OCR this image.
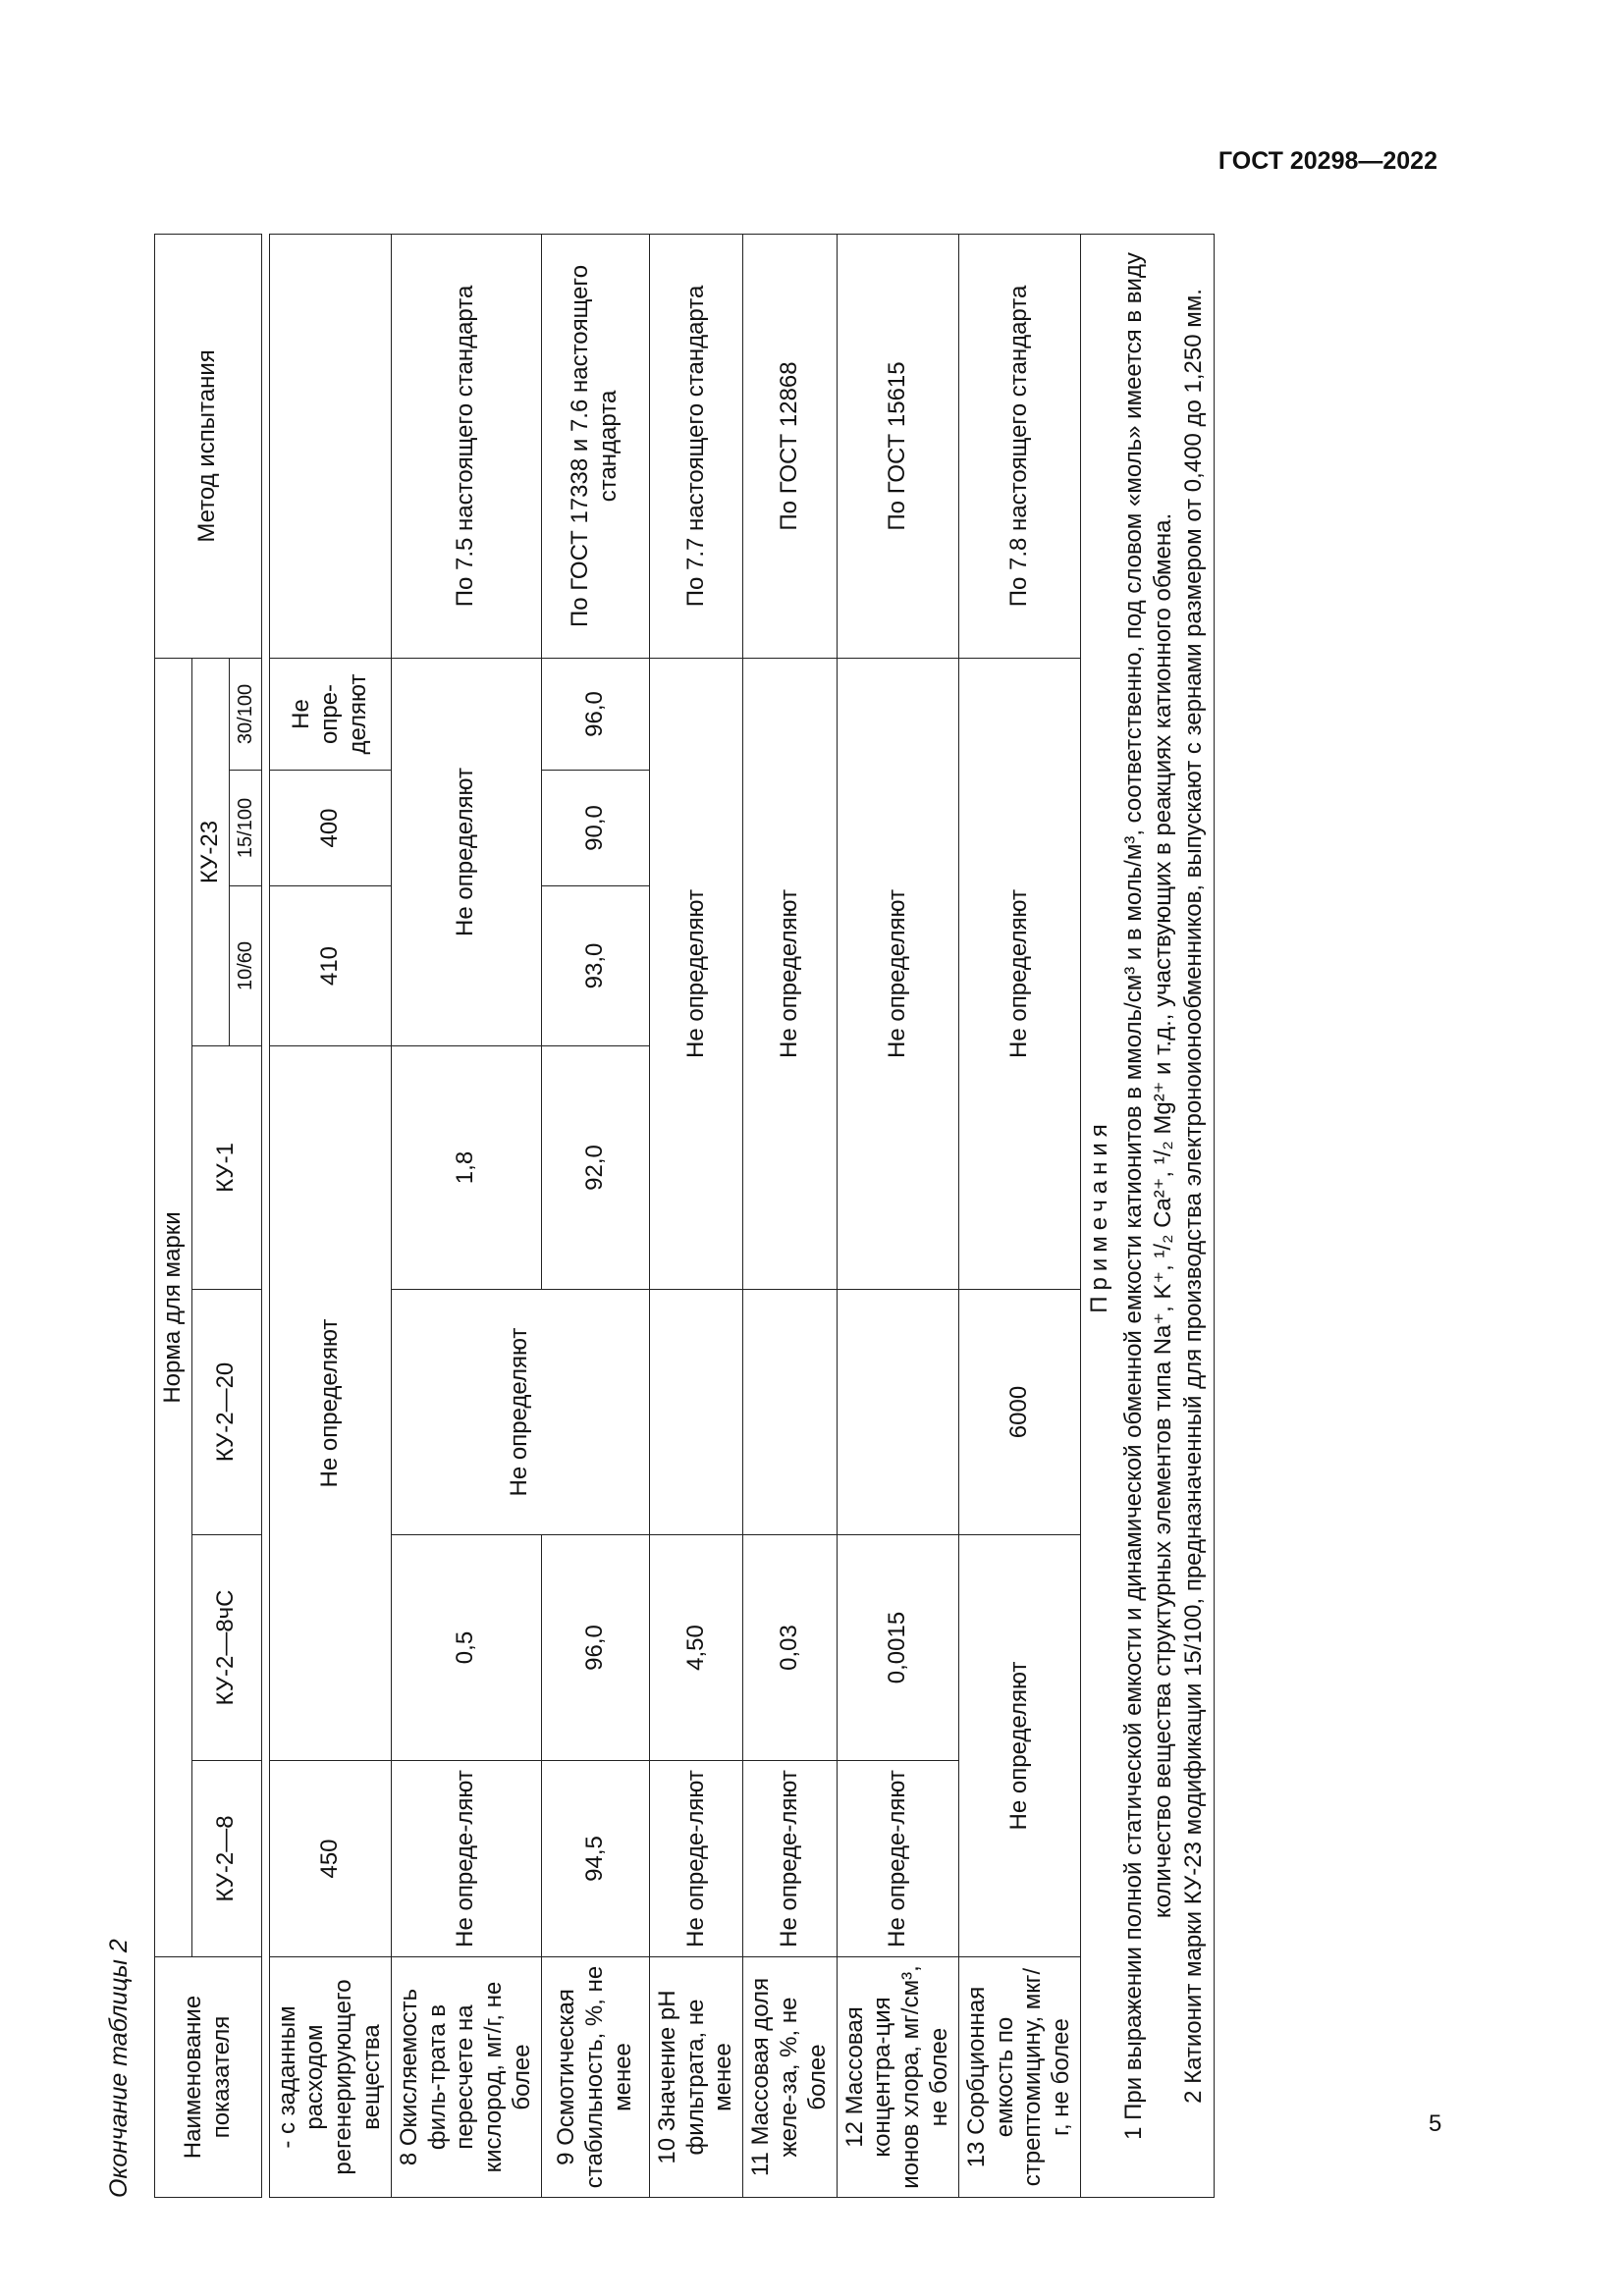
ГОСТ 20298—2022
Окончание таблицы 2 Наименование показателя	Норма для марки							Метод испытания
	КУ-2—8	КУ-2—8чС	КУ-2—20	КУ-1	КУ-23			
					10/60	15/100	30/100	

- с заданным расходом регенерирующего вещества	450	Не определяют			410	400	Не опре-деляют	
8 Окисляемость филь-трата в пересчете на кислород, мг/г, не более	Не опреде-ляют	0,5	Не определяют	1,8	Не определяют			По 7.5 настоящего стандарта
9 Осмотическая стабильность, %, не менее	94,5	96,0		92,0	93,0	90,0	96,0	По ГОСТ 17338 и 7.6 настоящего стандарта
10 Значение pH фильтрата, не менее	Не опреде-ляют	4,50		Не определяют				По 7.7 настоящего стандарта
11 Массовая доля желе-за, %, не более	Не опреде-ляют	0,03		Не определяют				По ГОСТ 12868
12 Массовая концентра-ция ионов хлора, мг/см³, не более	Не опреде-ляют	0,0015		Не определяют				По ГОСТ 15615
13 Сорбционная емкость по стрептомицину, мкг/г, не более	Не определяют		6000	Не определяют				По 7.8 настоящего стандарта

Примечания 1 При выражении полной статической емкости и динамической обменной емкости катионитов в ммоль/см³ и в моль/м³, соответственно, под словом «моль» имеется в виду количество вещества структурных элементов типа Na⁺, K⁺, ¹/₂ Ca²⁺, ¹/₂ Mg²⁺ и т.д., участвующих в реакциях катионного обмена. 2 Катионит марки КУ-23 модификации 15/100, предназначенный для производства электроноионообменников, выпускают с зернами размером от 0,400 до 1,250 мм.								

5
